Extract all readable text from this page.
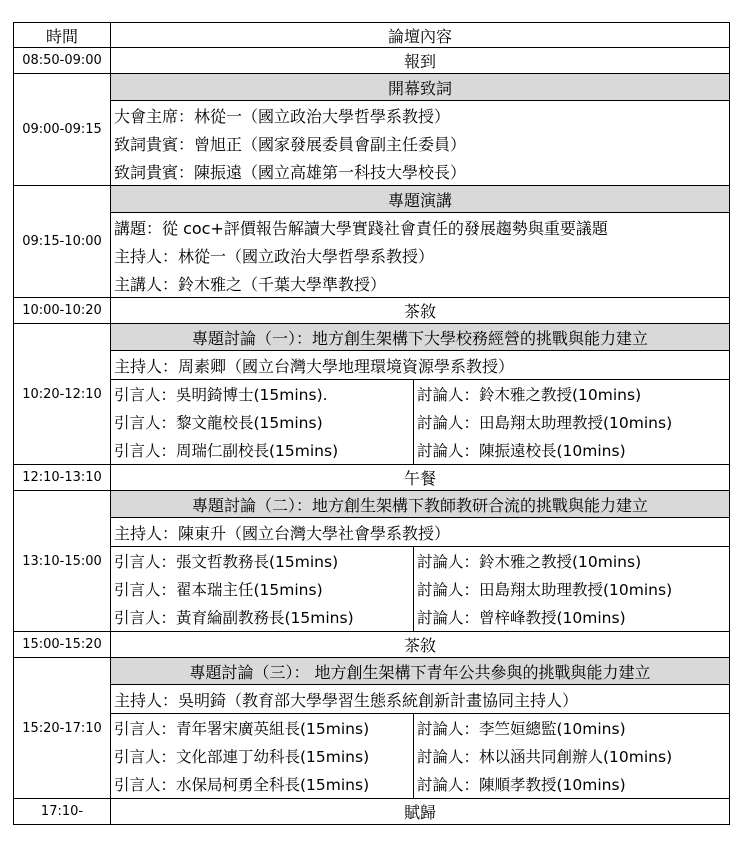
時間	論壇內容	
08:50-09:00	報到	
09:00-09:15	開幕致詞	
	大會主席：林從一（國立政治大學哲學系教授）	
	致詞貴賓：曾旭正（國家發展委員會副主任委員）	
	致詞貴賓：陳振遠（國立高雄第一科技大學校長）	
09:15-10:00	專題演講	
	講題：從 coc+評價報告解讀大學實踐社會責任的發展趨勢與重要議題	
	主持人：林從一（國立政治大學哲學系教授）	
	主講人：鈴木雅之（千葉大學準教授）	
10:00-10:20	茶敘	
10:20-12:10	專題討論（一）：地方創生架構下大學校務經營的挑戰與能力建立	
	主持人：周素卿（國立台灣大學地理環境資源學系教授）	
	引言人：吳明錡博士(15mins).	討論人：鈴木雅之教授(10mins)
	引言人：黎文龍校長(15mins)	討論人：田島翔太助理教授(10mins)
	引言人：周瑞仁副校長(15mins)	討論人：陳振遠校長(10mins)
12:10-13:10	午餐	
13:10-15:00	專題討論（二）：地方創生架構下教師教研合流的挑戰與能力建立	
	主持人：陳東升（國立台灣大學社會學系教授）	
	引言人：張文哲教務長(15mins)	討論人：鈴木雅之教授(10mins)
	引言人：翟本瑞主任(15mins)	討論人：田島翔太助理教授(10mins)
	引言人：黃育綸副教務長(15mins)	討論人：曾梓峰教授(10mins)
15:00-15:20	茶敘	
15:20-17:10	專題討論（三）： 地方創生架構下青年公共參與的挑戰與能力建立	
	主持人：吳明錡（教育部大學學習生態系統創新計畫協同主持人）	
	引言人：青年署宋廣英組長(15mins)	討論人：李竺姮總監(10mins)
	引言人：文化部連丁幼科長(15mins)	討論人：林以涵共同創辦人(10mins)
	引言人：水保局柯勇全科長(15mins)	討論人：陳順孝教授(10mins)
17:10-	賦歸	
